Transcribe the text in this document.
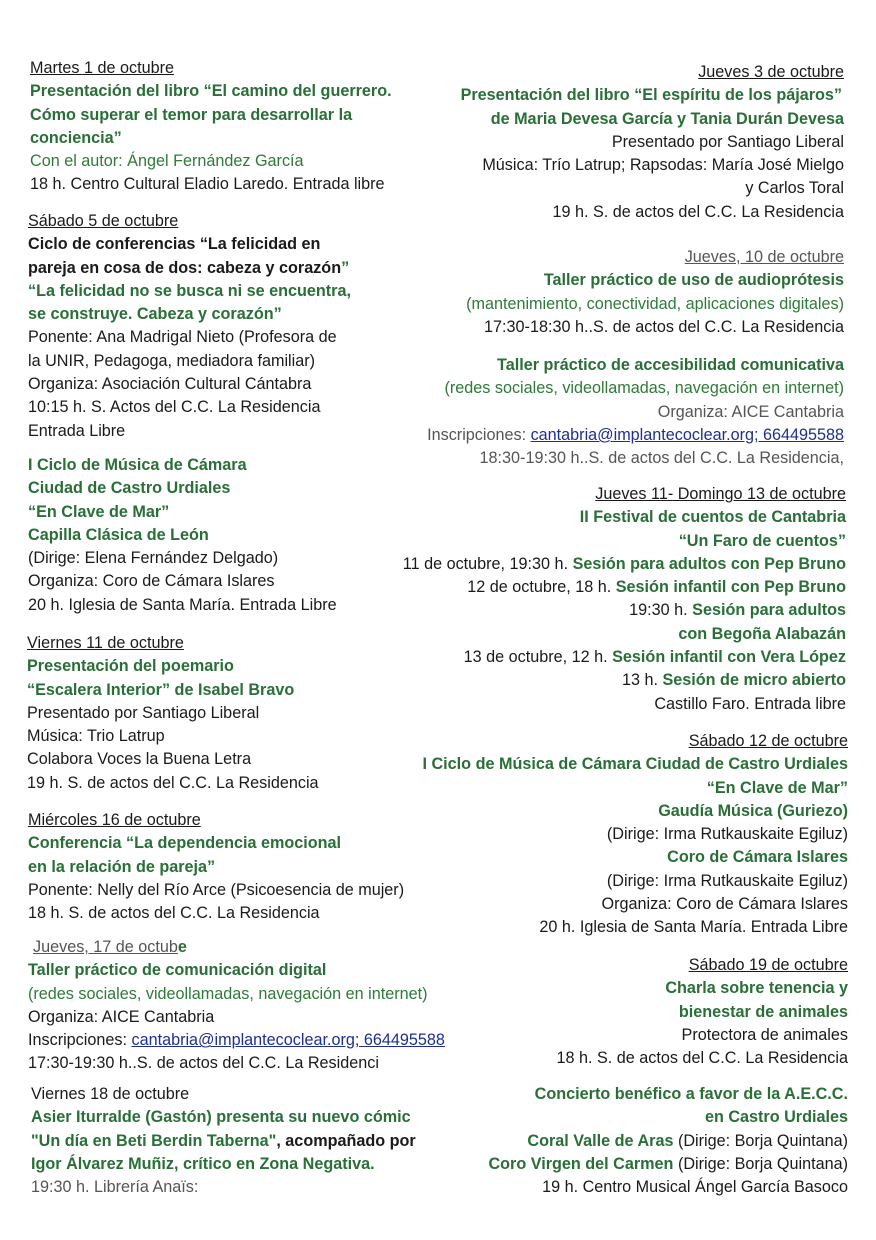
Martes 1 de octubre
Presentación del libro “El camino del guerrero.
Cómo superar el temor para desarrollar la
conciencia”
Con el autor: Ángel Fernández García
18 h. Centro Cultural Eladio Laredo. Entrada libre
Sábado 5 de octubre
Ciclo de conferencias “La felicidad en
pareja en cosa de dos: cabeza y corazón”
“La felicidad no se busca ni se encuentra,
se construye. Cabeza y corazón”
Ponente: Ana Madrigal Nieto (Profesora de
la UNIR, Pedagoga, mediadora familiar)
Organiza: Asociación Cultural Cántabra
10:15 h. S. Actos del C.C. La Residencia
Entrada Libre
I Ciclo de Música de Cámara
Ciudad de Castro Urdiales
“En Clave de Mar”
Capilla Clásica de León
(Dirige: Elena Fernández Delgado)
Organiza: Coro de Cámara Islares
20 h. Iglesia de Santa María. Entrada Libre
Viernes 11 de octubre
Presentación del poemario
“Escalera Interior” de Isabel Bravo
Presentado por Santiago Liberal
Música: Trio Latrup
Colabora Voces la Buena Letra
19 h. S. de actos del C.C. La Residencia
Miércoles 16 de octubre
Conferencia “La dependencia emocional
en la relación de pareja”
Ponente: Nelly del Río Arce (Psicoesencia de mujer)
18 h. S. de actos del C.C. La Residencia
Jueves, 17 de octube
Taller práctico de comunicación digital
(redes sociales, videollamadas, navegación en internet)
Organiza: AICE Cantabria
Inscripciones: cantabria@implantecoclear.org; 664495588
17:30-19:30 h..S. de actos del C.C. La Residenci
Viernes 18 de octubre
Asier Iturralde (Gastón) presenta su nuevo cómic
"Un día en Beti Berdin Taberna", acompañado por
Igor Álvarez Muñiz, crítico en Zona Negativa.
19:30 h. Librería Anaïs:
Jueves 3 de octubre
Presentación del libro “El espíritu de los pájaros”
de Maria Devesa García y Tania Durán Devesa
Presentado por Santiago Liberal
Música: Trío Latrup; Rapsodas: María José Mielgo
y Carlos Toral
19 h. S. de actos del C.C. La Residencia
Jueves, 10 de octubre
Taller práctico de uso de audioprótesis
(mantenimiento, conectividad, aplicaciones digitales)
17:30-18:30 h..S. de actos del C.C. La Residencia
Taller práctico de accesibilidad comunicativa
(redes sociales, videollamadas, navegación en internet)
Organiza: AICE Cantabria
Inscripciones: cantabria@implantecoclear.org; 664495588
18:30-19:30 h..S. de actos del C.C. La Residencia,
Jueves 11- Domingo 13 de octubre
II Festival de cuentos de Cantabria
“Un Faro de cuentos”
11 de octubre, 19:30 h. Sesión para adultos con Pep Bruno
12 de octubre, 18 h. Sesión infantil con Pep Bruno
19:30 h. Sesión para adultos
con Begoña Alabazán
13 de octubre, 12 h. Sesión infantil con Vera López
13 h. Sesión de micro abierto
Castillo Faro. Entrada libre
Sábado 12 de octubre
I Ciclo de Música de Cámara Ciudad de Castro Urdiales
“En Clave de Mar”
Gaudía Música (Guriezo)
(Dirige: Irma Rutkauskaite Egiluz)
Coro de Cámara Islares
(Dirige: Irma Rutkauskaite Egiluz)
Organiza: Coro de Cámara Islares
20 h. Iglesia de Santa María. Entrada Libre
Sábado 19 de octubre
Charla sobre tenencia y
bienestar de animales
Protectora de animales
18 h. S. de actos del C.C. La Residencia
Concierto benéfico a favor de la A.E.C.C.
en Castro Urdiales
Coral Valle de Aras (Dirige: Borja Quintana)
Coro Virgen del Carmen (Dirige: Borja Quintana)
19 h. Centro Musical Ángel García Basoco
